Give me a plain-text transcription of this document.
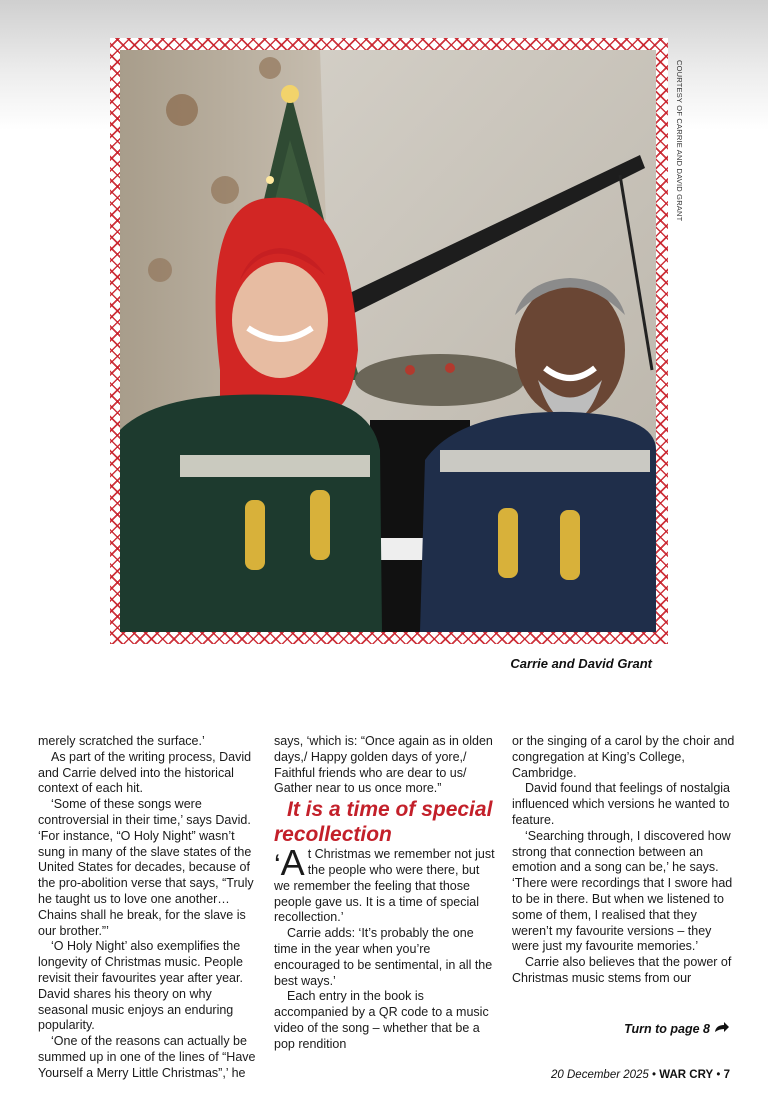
COURTESY OF CARRIE AND DAVID GRANT
Carrie and David Grant

merely scratched the surface.’

As part of the writing process, David and Carrie delved into the historical context of each hit.

‘Some of these songs were controversial in their time,’ says David. ‘For instance, “O Holy Night” wasn’t sung in many of the slave states of the United States for decades, because of the pro-abolition verse that says, “Truly he taught us to love one another… Chains shall he break, for the slave is our brother.”’

‘O Holy Night’ also exemplifies the longevity of Christmas music. People revisit their favourites year after year. David shares his theory on why seasonal music enjoys an enduring popularity.

‘One of the reasons can actually be summed up in one of the lines of “Have Yourself a Merry Little Christmas”,’ he

says, ‘which is: “Once again as in olden days,/ Happy golden days of yore,/ Faithful friends who are dear to us/ Gather near to us once more.”

It is a time of special recollection

‘A t Christmas we remember not just the people who were there, but we remember the feeling that those people gave us. It is a time of special recollection.’

Carrie adds: ‘It’s probably the one time in the year when you’re encouraged to be sentimental, in all the best ways.’

Each entry in the book is accompanied by a QR code to a music video of the song – whether that be a pop rendition

or the singing of a carol by the choir and congregation at King’s College, Cambridge.

David found that feelings of nostalgia influenced which versions he wanted to feature.

‘Searching through, I discovered how strong that connection between an emotion and a song can be,’ he says. ‘There were recordings that I swore had to be in there. But when we listened to some of them, I realised that they weren’t my favourite versions – they were just my favourite memories.’

Carrie also believes that the power of Christmas music stems from our

Turn to page 8
20 December 2025 • WAR CRY • 7
